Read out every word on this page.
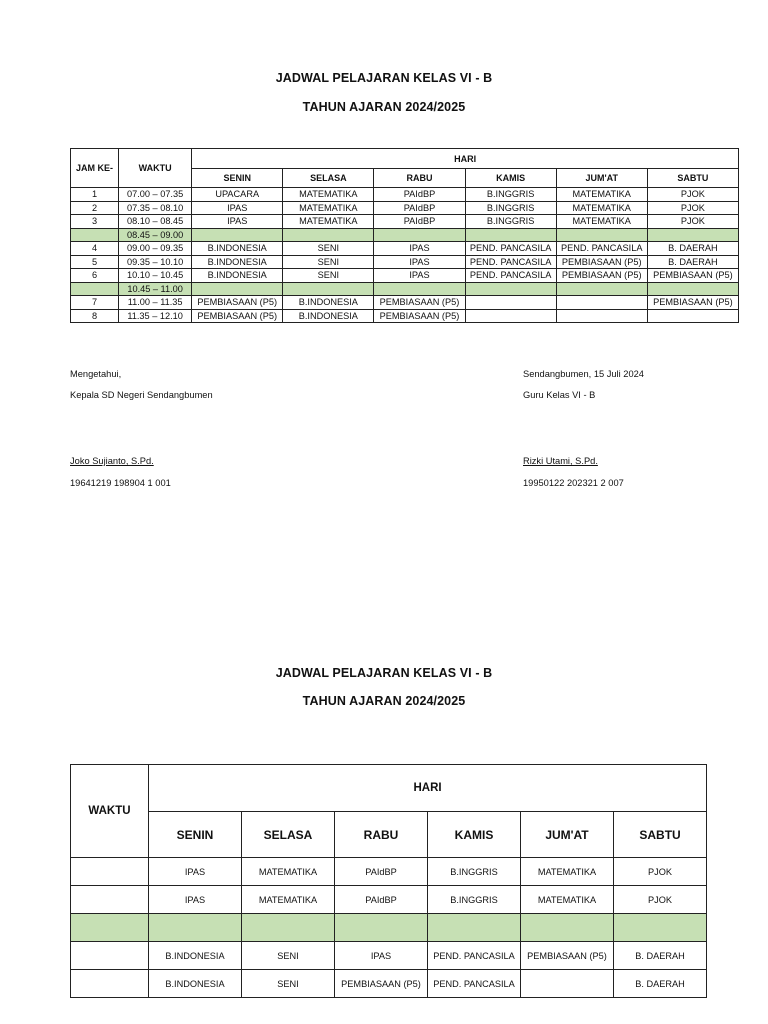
JADWAL PELAJARAN KELAS VI - B
TAHUN AJARAN 2024/2025
JAM KE-	WAKTU	HARI					
		SENIN	SELASA	RABU	KAMIS	JUM'AT	SABTU
1	07.00 – 07.35	UPACARA	MATEMATIKA	PAIdBP	B.INGGRIS	MATEMATIKA	PJOK
2	07.35 – 08.10	IPAS	MATEMATIKA	PAIdBP	B.INGGRIS	MATEMATIKA	PJOK
3	08.10 – 08.45	IPAS	MATEMATIKA	PAIdBP	B.INGGRIS	MATEMATIKA	PJOK
	08.45 – 09.00						
4	09.00 – 09.35	B.INDONESIA	SENI	IPAS	PEND. PANCASILA	PEND. PANCASILA	B. DAERAH
5	09.35 – 10.10	B.INDONESIA	SENI	IPAS	PEND. PANCASILA	PEMBIASAAN (P5)	B. DAERAH
6	10.10 – 10.45	B.INDONESIA	SENI	IPAS	PEND. PANCASILA	PEMBIASAAN (P5)	PEMBIASAAN (P5)
	10.45 – 11.00						
7	11.00 – 11.35	PEMBIASAAN (P5)	B.INDONESIA	PEMBIASAAN (P5)			PEMBIASAAN (P5)
8	11.35 – 12.10	PEMBIASAAN (P5)	B.INDONESIA	PEMBIASAAN (P5)			
Mengetahui,
Kepala SD Negeri Sendangbumen
Joko Sujianto, S.Pd.
19641219 198904 1 001
Sendangbumen, 15 Juli 2024
Guru Kelas VI - B
Rizki Utami, S.Pd.
19950122 202321 2 007
JADWAL PELAJARAN KELAS VI - B
TAHUN AJARAN 2024/2025
WAKTU	HARI					
	SENIN	SELASA	RABU	KAMIS	JUM'AT	SABTU
	IPAS	MATEMATIKA	PAIdBP	B.INGGRIS	MATEMATIKA	PJOK
	IPAS	MATEMATIKA	PAIdBP	B.INGGRIS	MATEMATIKA	PJOK

	B.INDONESIA	SENI	IPAS	PEND. PANCASILA	PEMBIASAAN (P5)	B. DAERAH
	B.INDONESIA	SENI	PEMBIASAAN (P5)	PEND. PANCASILA		B. DAERAH
